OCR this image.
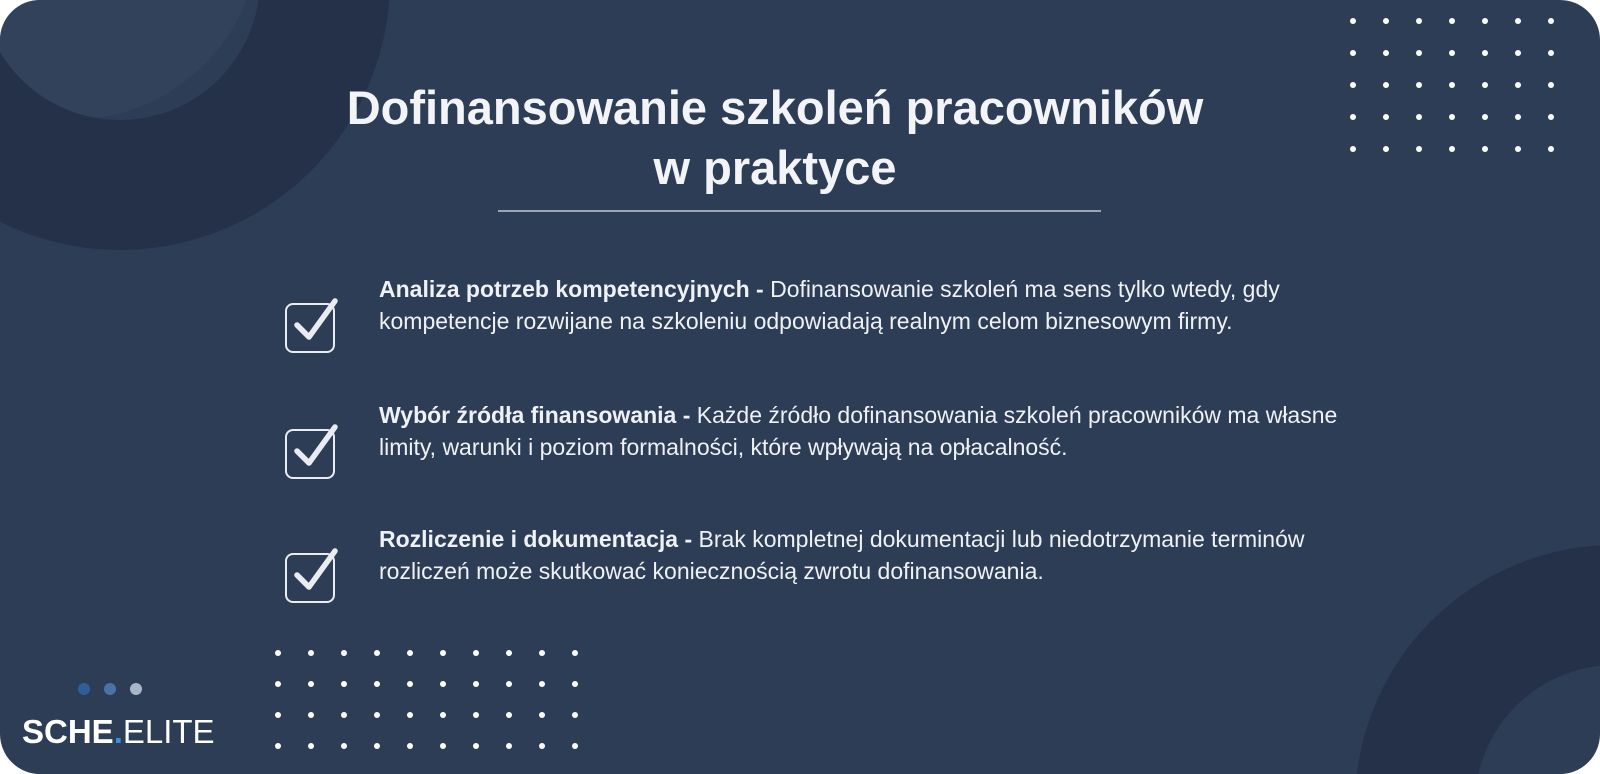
Dofinansowanie szkoleń pracowników
w praktyce

Analiza potrzeb kompetencyjnych - Dofinansowanie szkoleń ma sens tylko wtedy, gdy kompetencje rozwijane na szkoleniu odpowiadają realnym celom biznesowym firmy.

Wybór źródła finansowania - Każde źródło dofinansowania szkoleń pracowników ma własne limity, warunki i poziom formalności, które wpływają na opłacalność.

Rozliczenie i dokumentacja - Brak kompletnej dokumentacji lub niedotrzymanie terminów rozliczeń może skutkować koniecznością zwrotu dofinansowania.

SCHE.ELITE
